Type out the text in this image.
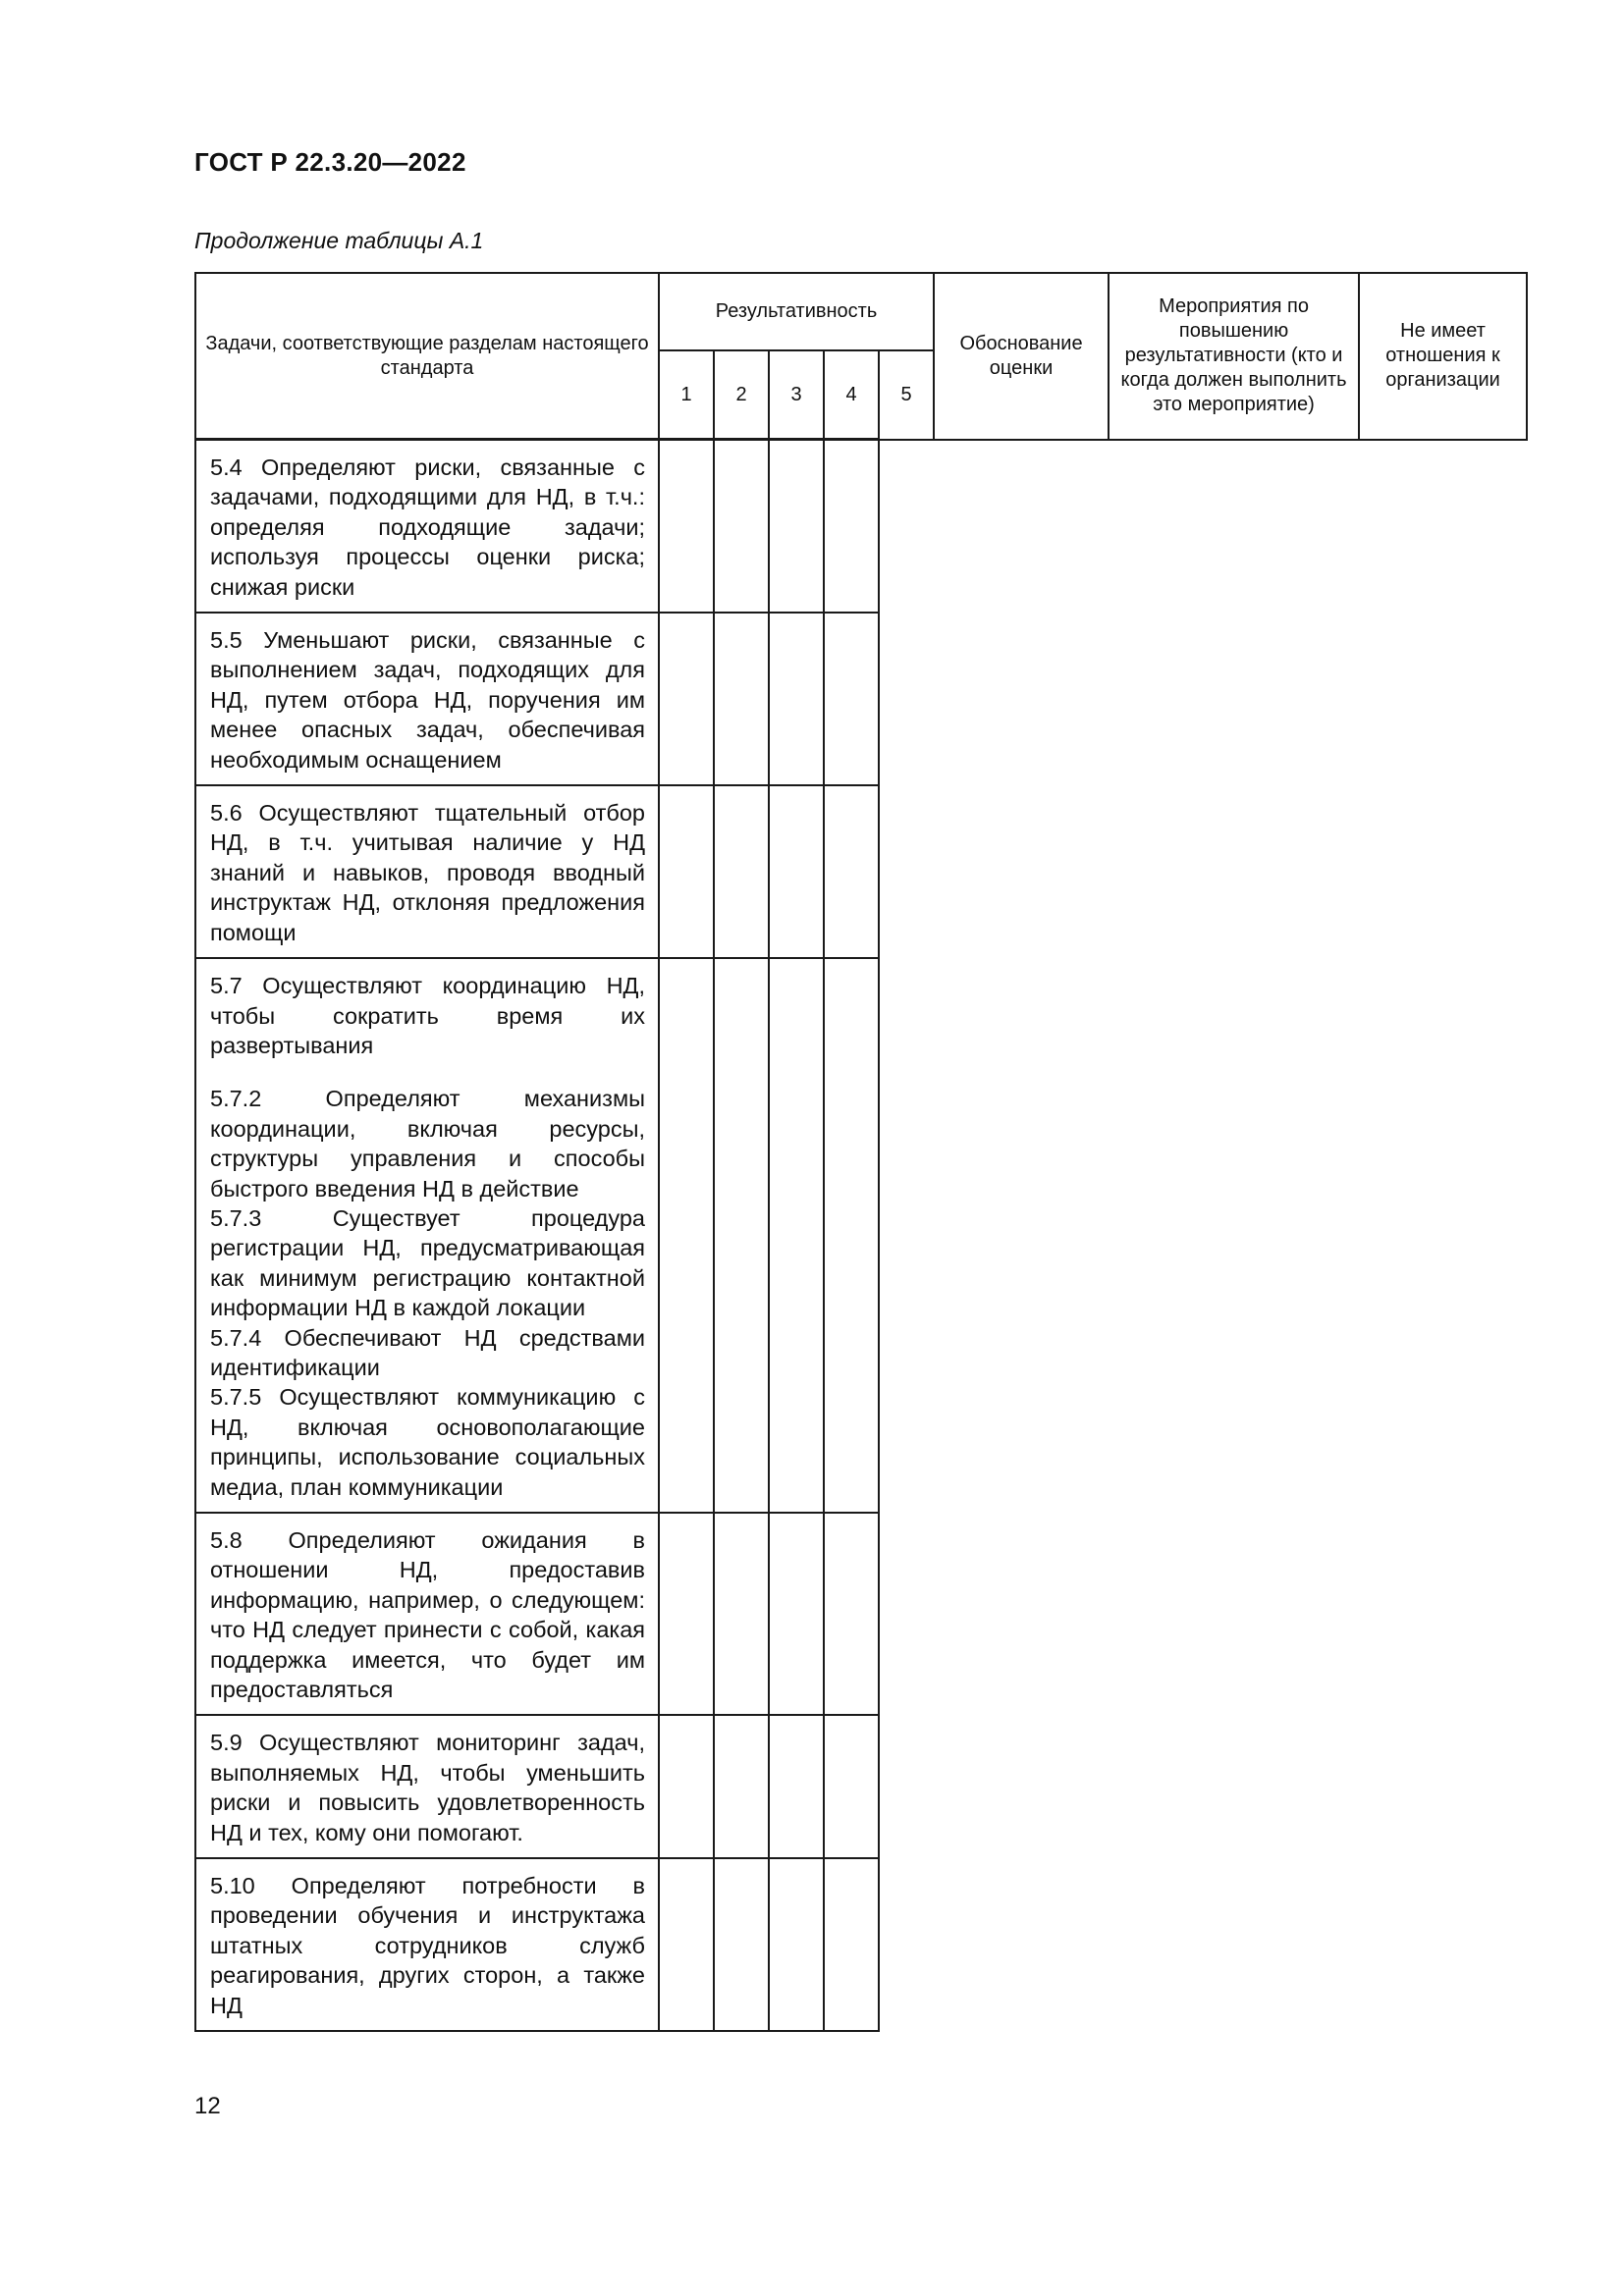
ГОСТ Р 22.3.20—2022
Продолжение таблицы А.1
Задачи, соответствующие разделам настоящего стандарта	Результативность					Обоснование оценки	Мероприятия по повышению результативности (кто и когда должен выполнить это мероприятие)	Не имеет отношения к организации
	1	2	3	4	5			

5.4 Определяют риски, связанные с задачами, подходящими для НД, в т.ч.: определяя подходящие задачи; используя процессы оценки риска; снижая риски								

5.5 Уменьшают риски, связанные с выполнением задач, подходящих для НД, путем отбора НД, поручения им менее опасных задач, обеспечивая необходимым оснащением								

5.6 Осуществляют тщательный отбор НД, в т.ч. учитывая наличие у НД знаний и навыков, проводя вводный инструктаж НД, отклоняя предложения помощи								

5.7 Осуществляют координацию НД, чтобы сократить время их развертывания
5.7.2 Определяют механизмы координации, включая ресурсы, структуры управления и способы быстрого введения НД в действие
5.7.3 Существует процедура регистрации НД, предусматривающая как минимум регистрацию контактной информации НД в каждой локации
5.7.4 Обеспечивают НД средствами идентификации
5.7.5 Осуществляют коммуникацию с НД, включая основополагающие принципы, использование социальных медиа, план коммуникации								

5.8 Определияют ожидания в отношении НД, предоставив информацию, например, о следующем: что НД следует принести с собой, какая поддержка имеется, что будет им предоставляться								

5.9 Осуществляют мониторинг задач, выполняемых НД, чтобы уменьшить риски и повысить удовлетворенность НД и тех, кому они помогают.								

5.10 Определяют потребности в проведении обучения и инструктажа штатных сотрудников служб реагирования, других сторон, а также НД								

12
